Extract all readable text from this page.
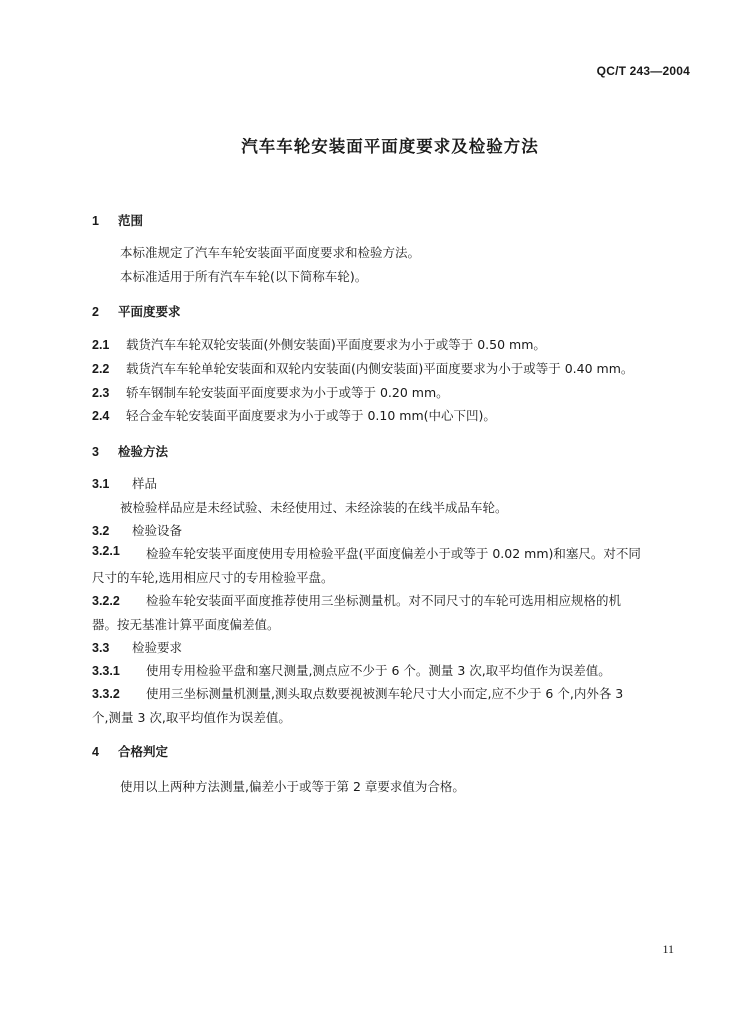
QC/T 243—2004
汽车车轮安装面平面度要求及检验方法
1 范围
本标准规定了汽车车轮安装面平面度要求和检验方法。
本标准适用于所有汽车车轮(以下简称车轮)。
2 平面度要求
2.1 载货汽车车轮双轮安装面(外侧安装面)平面度要求为小于或等于 0.50 mm。
2.2 载货汽车车轮单轮安装面和双轮内安装面(内侧安装面)平面度要求为小于或等于 0.40 mm。
2.3 轿车钢制车轮安装面平面度要求为小于或等于 0.20 mm。
2.4 轻合金车轮安装面平面度要求为小于或等于 0.10 mm(中心下凹)。
3 检验方法
3.1 样品
被检验样品应是未经试验、未经使用过、未经涂装的在线半成品车轮。
3.2 检验设备
3.2.1	检验车轮安装平面度使用专用检验平盘(平面度偏差小于或等于 0.02 mm)和塞尺。对不同
尺寸的车轮,选用相应尺寸的专用检验平盘。
3.2.2 检验车轮安装面平面度推荐使用三坐标测量机。对不同尺寸的车轮可选用相应规格的机
器。按无基准计算平面度偏差值。
3.3 检验要求
3.3.1 使用专用检验平盘和塞尺测量,测点应不少于 6 个。测量 3 次,取平均值作为误差值。
3.3.2 使用三坐标测量机测量,测头取点数要视被测车轮尺寸大小而定,应不少于 6 个,内外各 3
个,测量 3 次,取平均值作为误差值。
4 合格判定
使用以上两种方法测量,偏差小于或等于第 2 章要求值为合格。
11
